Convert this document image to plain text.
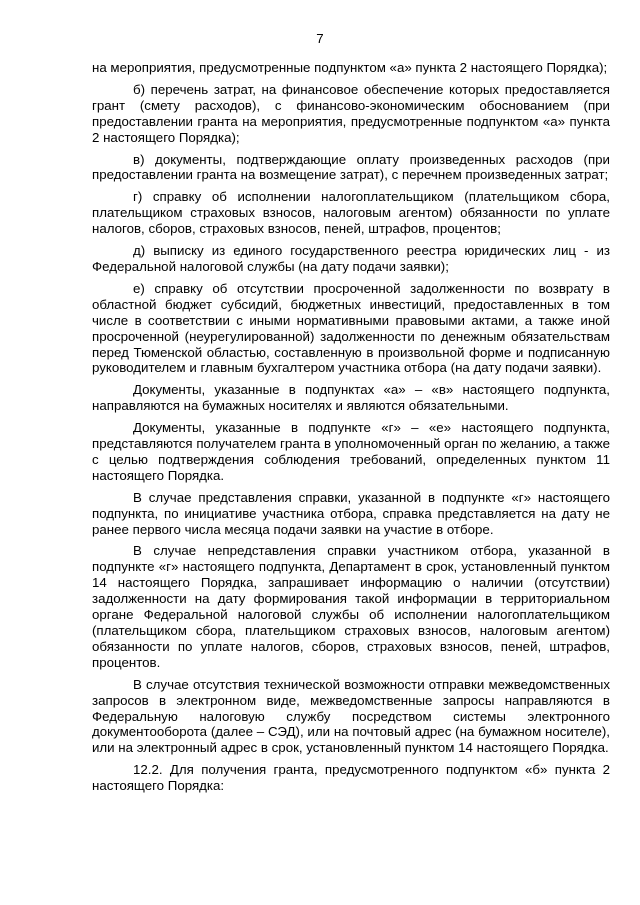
7

на мероприятия, предусмотренные подпунктом «а» пункта 2 настоящего Порядка);

б) перечень затрат, на финансовое обеспечение которых предоставляется грант (смету расходов), с финансово-экономическим обоснованием (при предоставлении гранта на мероприятия, предусмотренные подпунктом «а» пункта 2 настоящего Порядка);

в) документы, подтверждающие оплату произведенных расходов (при предоставлении гранта на возмещение затрат), с перечнем произведенных затрат;

г) справку об исполнении налогоплательщиком (плательщиком сбора, плательщиком страховых взносов, налоговым агентом) обязанности по уплате налогов, сборов, страховых взносов, пеней, штрафов, процентов;

д) выписку из единого государственного реестра юридических лиц - из Федеральной налоговой службы (на дату подачи заявки);

е) справку об отсутствии просроченной задолженности по возврату в областной бюджет субсидий, бюджетных инвестиций, предоставленных в том числе в соответствии с иными нормативными правовыми актами, а также иной просроченной (неурегулированной) задолженности по денежным обязательствам перед Тюменской областью, составленную в произвольной форме и подписанную руководителем и главным бухгалтером участника отбора (на дату подачи заявки).

Документы, указанные в подпунктах «а» – «в» настоящего подпункта, направляются на бумажных носителях и являются обязательными.

Документы, указанные в подпункте «г» – «е» настоящего подпункта, представляются получателем гранта в уполномоченный орган по желанию, а также с целью подтверждения соблюдения требований, определенных пунктом 11 настоящего Порядка.

В случае представления справки, указанной в подпункте «г» настоящего подпункта, по инициативе участника отбора, справка представляется на дату не ранее первого числа месяца подачи заявки на участие в отборе.

В случае непредставления справки участником отбора, указанной в подпункте «г» настоящего подпункта, Департамент в срок, установленный пунктом 14 настоящего Порядка, запрашивает информацию о наличии (отсутствии) задолженности на дату формирования такой информации в территориальном органе Федеральной налоговой службы об исполнении налогоплательщиком (плательщиком сбора, плательщиком страховых взносов, налоговым агентом) обязанности по уплате налогов, сборов, страховых взносов, пеней, штрафов, процентов.

В случае отсутствия технической возможности отправки межведомственных запросов в электронном виде, межведомственные запросы направляются в Федеральную налоговую службу посредством системы электронного документооборота (далее – СЭД), или на почтовый адрес (на бумажном носителе), или на электронный адрес в срок, установленный пунктом 14 настоящего Порядка.

12.2. Для получения гранта, предусмотренного подпунктом «б» пункта 2 настоящего Порядка:
